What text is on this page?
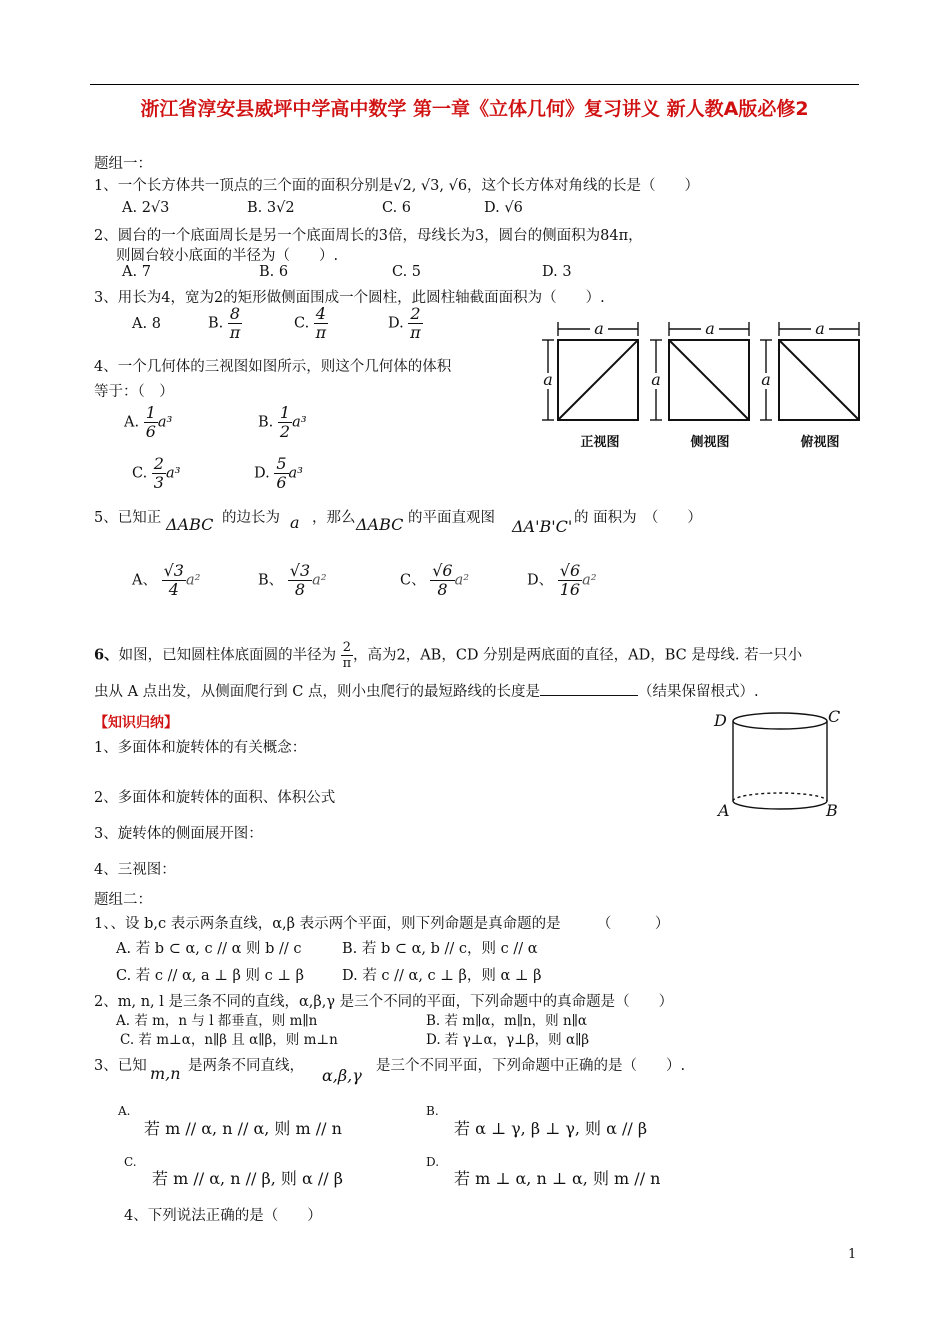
浙江省淳安县威坪中学高中数学 第一章《立体几何》复习讲义 新人教A版必修2
题组一：
1、一个长方体共一顶点的三个面的面积分别是√2, √3, √6，这个长方体对角线的长是（　　）
A. 2√3	B. 3√2	C. 6	D. √6
2、圆台的一个底面周长是另一个底面周长的3倍，母线长为3，圆台的侧面积为84π，
则圆台较小底面的半径为（　　）.
A. 7	B. 6	C. 5	D. 3
3、用长为4，宽为2的矩形做侧面围成一个圆柱，此圆柱轴截面面积为（　　）.
A. 8	B. $\frac{8}{\pi}$	C. $\frac{4}{\pi}$	D. $\frac{2}{\pi}$
4、一个几何体的三视图如图所示，则这个几何体的体积
等于：（　）
A. $\frac{1}{6} a^3$	B. $\frac{1}{2} a^3$
C. $\frac{2}{3} a^3$	D. $\frac{5}{6} a^3$
a	a	a
a	a	a
正视图	侧视图	俯视图
5、已知正 ΔABC 的边长为 a ，那么 ΔABC 的平面直观图 ΔA'B'C' 的 面积为　（　　）
A、 $\frac{√3}{4} a^2$	B、 $\frac{√3}{8} a^2$	C、 $\frac{√6}{8} a^2$	D、 $\frac{√6}{16} a^2$
6、如图，已知圆柱体底面圆的半径为 $\frac{2}{\pi}$ ，高为2，AB，CD 分别是两底面的直径，AD，BC 是母线. 若一只小
虫从 A 点出发，从侧面爬行到 C 点，则小虫爬行的最短路线的长度是	（结果保留根式）.
D	C
A	B
【知识归纳】
1、多面体和旋转体的有关概念：
2、多面体和旋转体的面积、体积公式
3、旋转体的侧面展开图：
4、三视图：
题组二：
1、、设 b,c 表示两条直线，α,β 表示两个平面，则下列命题是真命题的是　　　（　　　）
A. 若 b ⊂ α, c // α 则 b // c	B. 若 b ⊂ α, b // c，则 c // α
C. 若 c // α, a ⊥ β 则 c ⊥ β	D. 若 c // α, c ⊥ β，则 α ⊥ β
2、m, n, l 是三条不同的直线，α,β,γ 是三个不同的平面，下列命题中的真命题是（　　）
A. 若 m，n 与 l 都垂直，则 m∥n	B. 若 m∥α，m∥n，则 n∥α
C. 若 m⊥α，n∥β 且 α∥β，则 m⊥n	D. 若 γ⊥α，γ⊥β，则 α∥β
3、已知 m,n 是两条不同直线， α,β,γ 是三个不同平面，下列命题中正确的是（　　）.
A.
若 m // α, n // α, 则 m // n
B.
若 α ⊥ γ, β ⊥ γ, 则 α // β
C.
若 m // α, n // β, 则 α // β
D.
若 m ⊥ α, n ⊥ α, 则 m // n
4、下列说法正确的是（　　）
1
